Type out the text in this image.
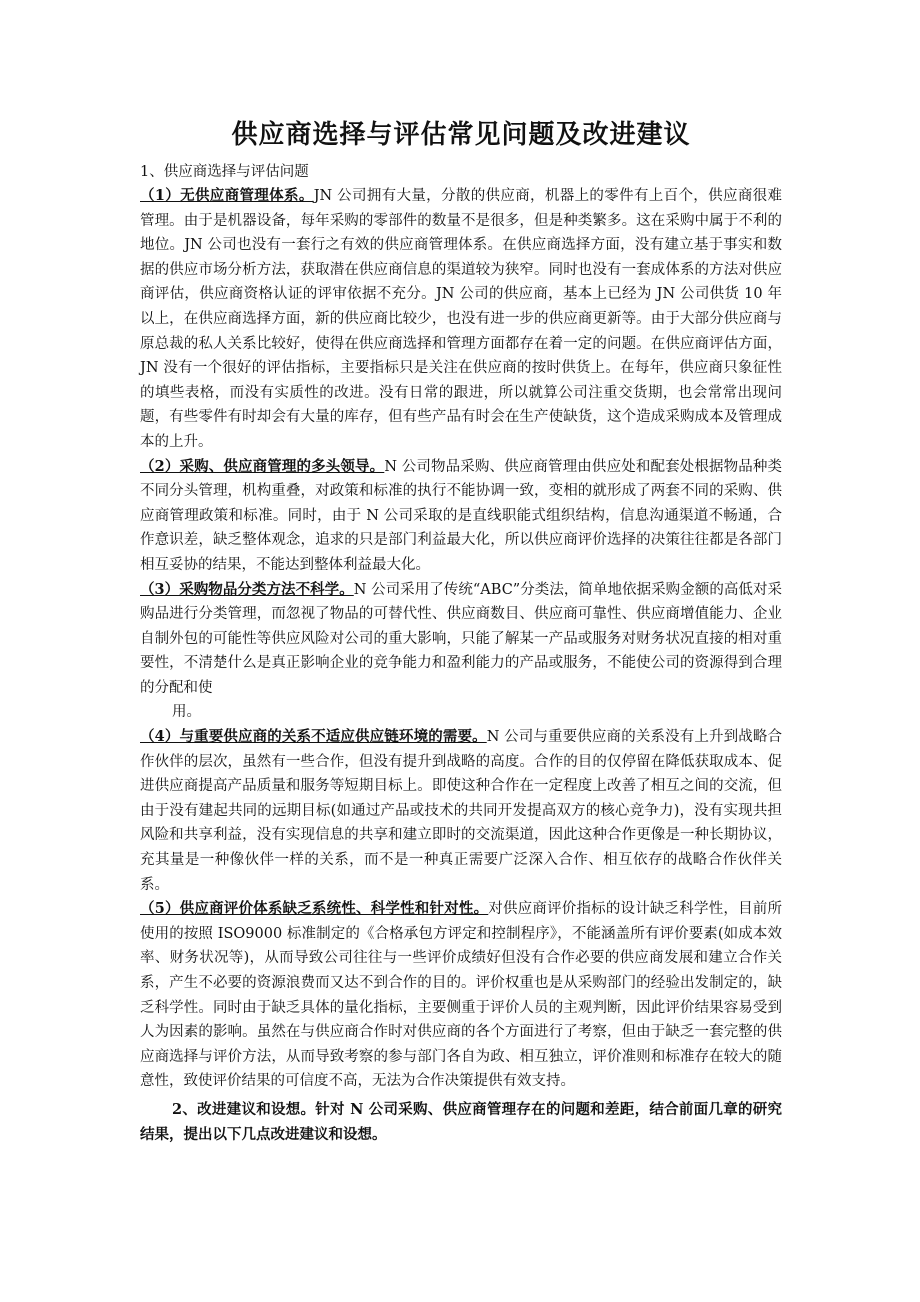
供应商选择与评估常见问题及改进建议

1、供应商选择与评估问题

（1）无供应商管理体系。JN 公司拥有大量，分散的供应商，机器上的零件有上百个，供应商很难管理。由于是机器设备，每年采购的零部件的数量不是很多，但是种类繁多。这在采购中属于不利的地位。JN 公司也没有一套行之有效的供应商管理体系。在供应商选择方面，没有建立基于事实和数据的供应市场分析方法，获取潜在供应商信息的渠道较为狭窄。同时也没有一套成体系的方法对供应商评估，供应商资格认证的评审依据不充分。JN 公司的供应商，基本上已经为 JN 公司供货 10 年以上，在供应商选择方面，新的供应商比较少，也没有进一步的供应商更新等。由于大部分供应商与原总裁的私人关系比较好，使得在供应商选择和管理方面都存在着一定的问题。在供应商评估方面，JN 没有一个很好的评估指标，主要指标只是关注在供应商的按时供货上。在每年，供应商只象征性的填些表格，而没有实质性的改进。没有日常的跟进，所以就算公司注重交货期，也会常常出现问题，有些零件有时却会有大量的库存，但有些产品有时会在生产使缺货，这个造成采购成本及管理成本的上升。

（2）采购、供应商管理的多头领导。N 公司物品采购、供应商管理由供应处和配套处根据物品种类不同分头管理，机构重叠，对政策和标准的执行不能协调一致，变相的就形成了两套不同的采购、供应商管理政策和标准。同时，由于 N 公司采取的是直线职能式组织结构，信息沟通渠道不畅通，合作意识差，缺乏整体观念，追求的只是部门利益最大化，所以供应商评价选择的决策往往都是各部门相互妥协的结果，不能达到整体利益最大化。

（3）采购物品分类方法不科学。N 公司采用了传统“ABC”分类法，简单地依据采购金额的高低对采购品进行分类管理，而忽视了物品的可替代性、供应商数目、供应商可靠性、供应商增值能力、企业自制外包的可能性等供应风险对公司的重大影响，只能了解某一产品或服务对财务状况直接的相对重要性，不清楚什么是真正影响企业的竞争能力和盈利能力的产品或服务，不能使公司的资源得到合理的分配和使

用。

（4）与重要供应商的关系不适应供应链环境的需要。N 公司与重要供应商的关系没有上升到战略合作伙伴的层次，虽然有一些合作，但没有提升到战略的高度。合作的目的仅停留在降低获取成本、促进供应商提高产品质量和服务等短期目标上。即使这种合作在一定程度上改善了相互之间的交流，但由于没有建起共同的远期目标(如通过产品或技术的共同开发提高双方的核心竞争力)，没有实现共担风险和共享利益，没有实现信息的共享和建立即时的交流渠道，因此这种合作更像是一种长期协议，充其量是一种像伙伴一样的关系，而不是一种真正需要广泛深入合作、相互依存的战略合作伙伴关系。

（5）供应商评价体系缺乏系统性、科学性和针对性。对供应商评价指标的设计缺乏科学性，目前所使用的按照 ISO9000 标准制定的《合格承包方评定和控制程序》，不能涵盖所有评价要素(如成本效率、财务状况等)，从而导致公司往往与一些评价成绩好但没有合作必要的供应商发展和建立合作关系，产生不必要的资源浪费而又达不到合作的目的。评价权重也是从采购部门的经验出发制定的，缺乏科学性。同时由于缺乏具体的量化指标，主要侧重于评价人员的主观判断，因此评价结果容易受到人为因素的影响。虽然在与供应商合作时对供应商的各个方面进行了考察，但由于缺乏一套完整的供应商选择与评价方法，从而导致考察的参与部门各自为政、相互独立，评价准则和标准存在较大的随意性，致使评价结果的可信度不高，无法为合作决策提供有效支持。

2、改进建议和设想。针对 N 公司采购、供应商管理存在的问题和差距，结合前面几章的研究结果，提出以下几点改进建议和设想。
